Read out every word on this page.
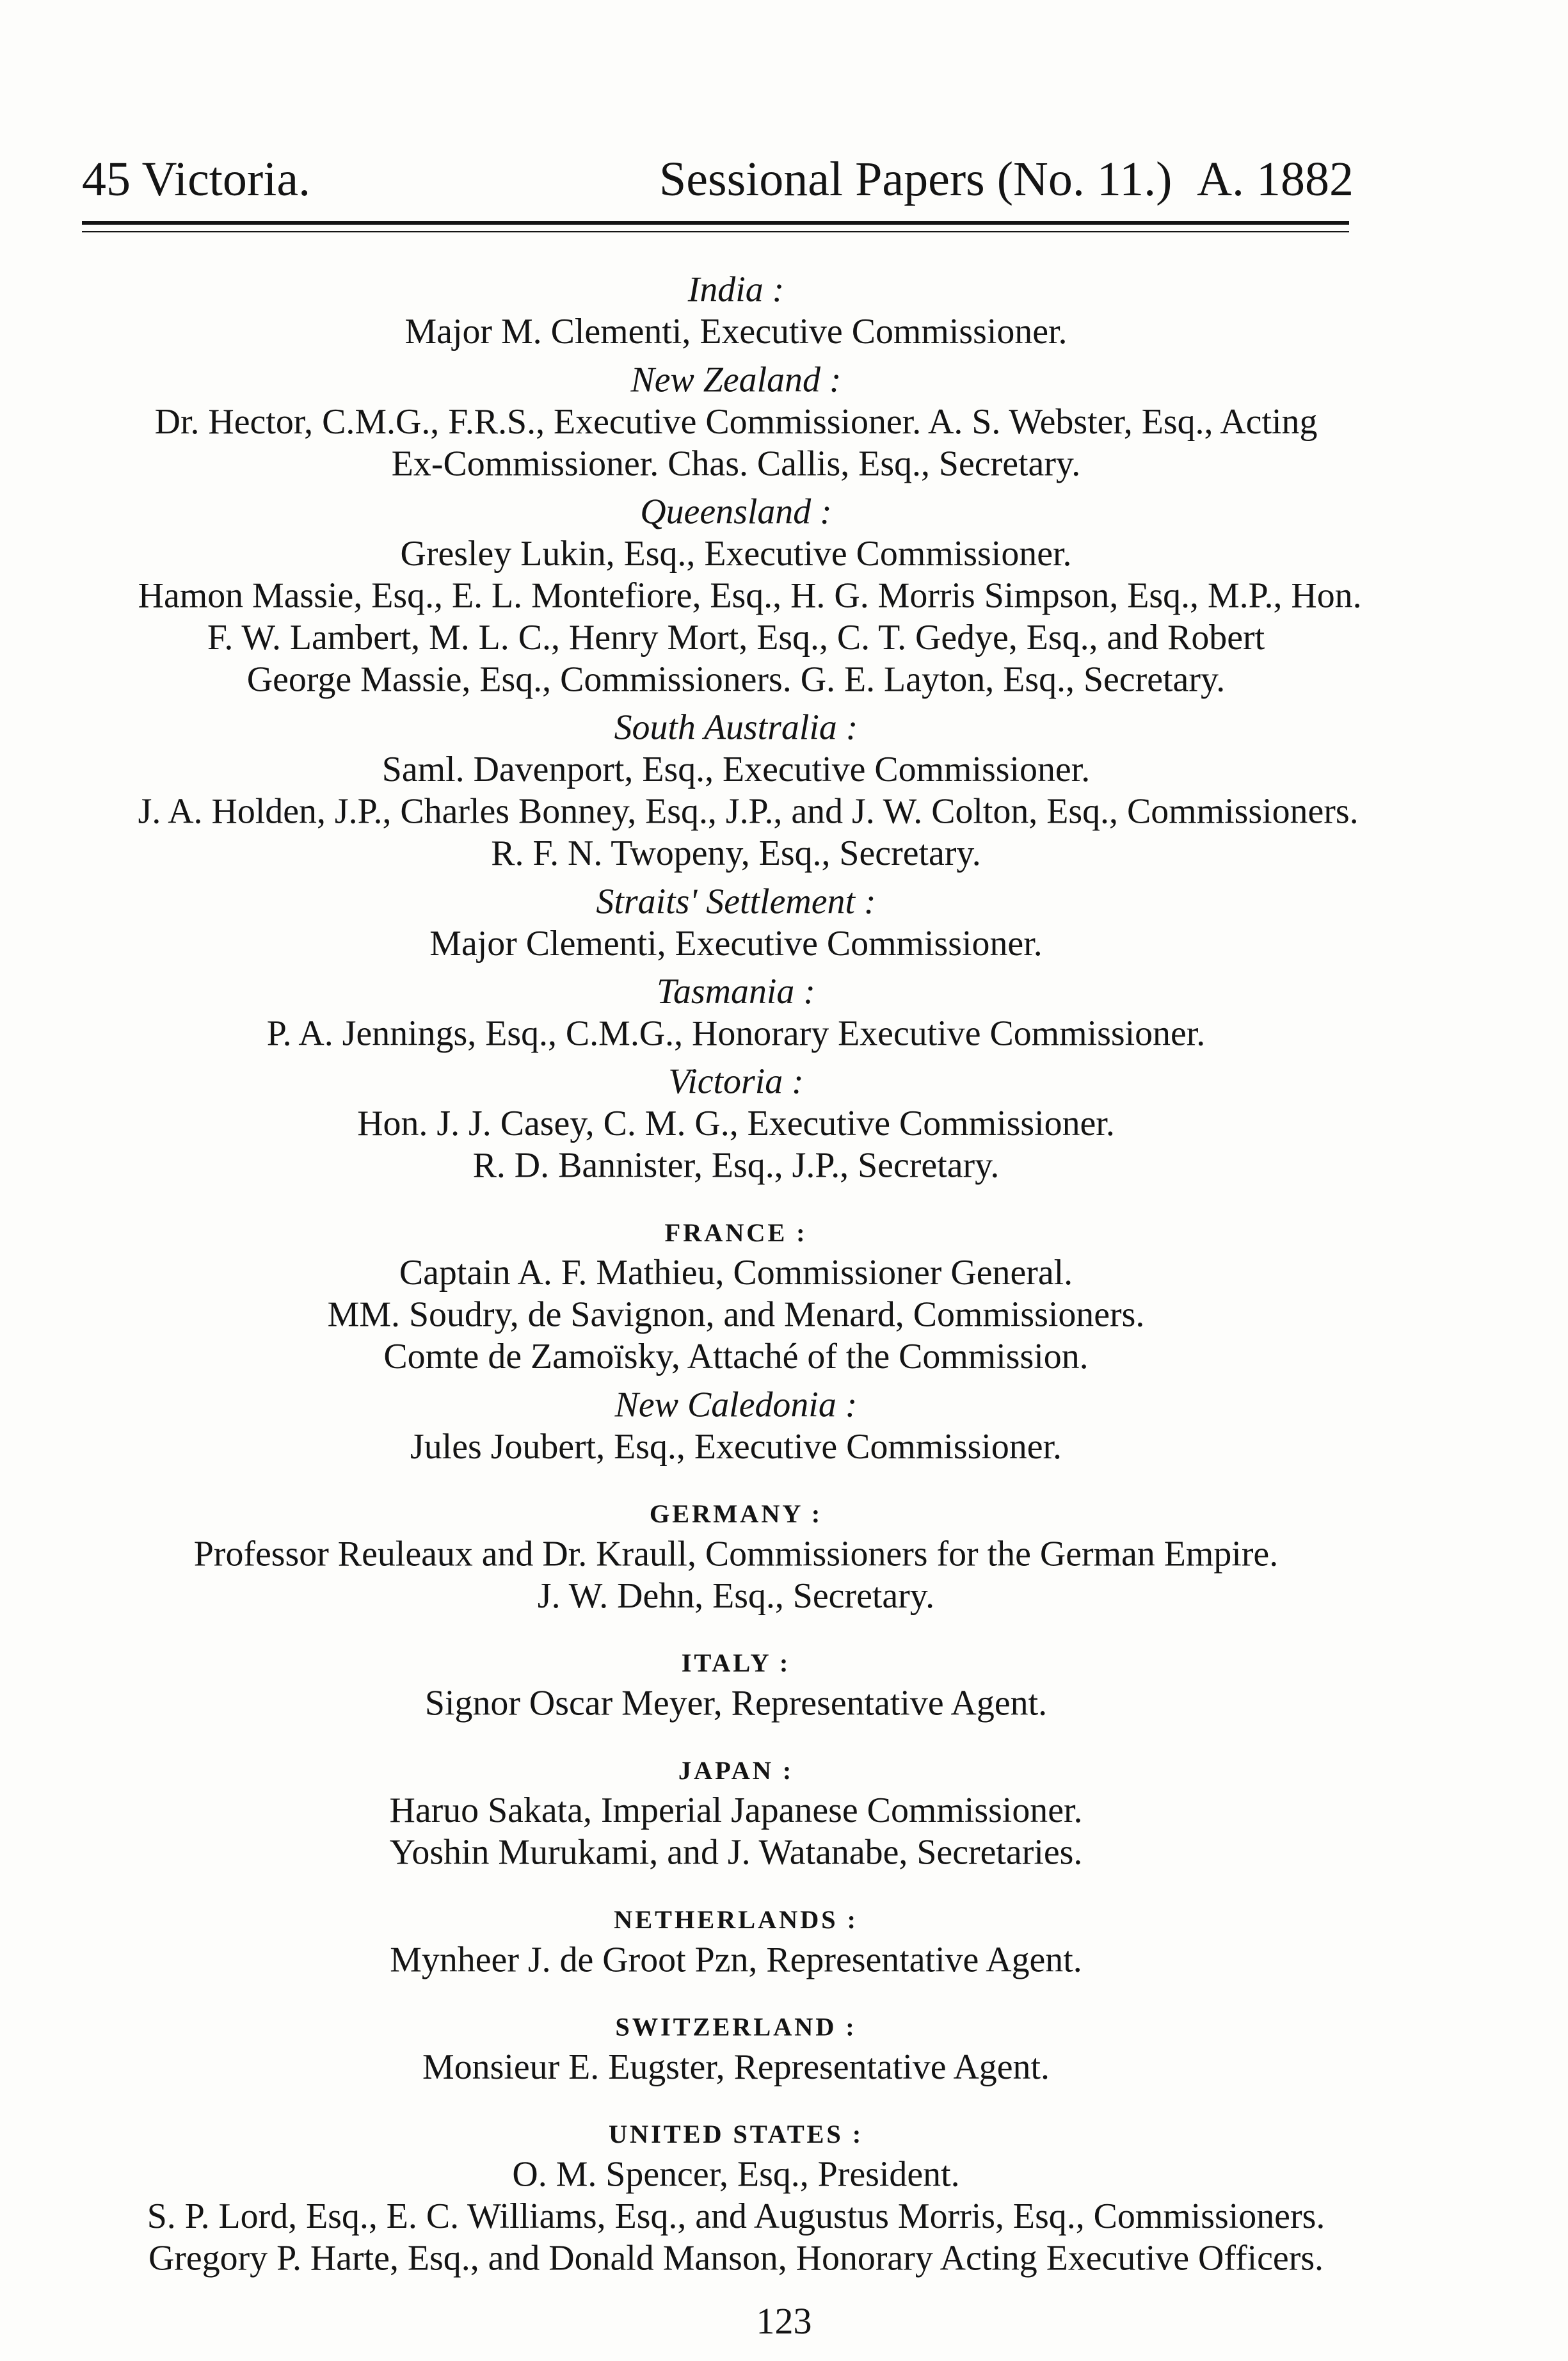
45 Victoria.	Sessional Papers (No. 11.) A. 1882
India :
Major M. Clementi, Executive Commissioner.
New Zealand :
Dr. Hector, C.M.G., F.R.S., Executive Commissioner. A. S. Webster, Esq., Acting
Ex-Commissioner. Chas. Callis, Esq., Secretary.
Queensland :
Gresley Lukin, Esq., Executive Commissioner.
Hamon Massie, Esq., E. L. Montefiore, Esq., H. G. Morris Simpson, Esq., M.P., Hon.
F. W. Lambert, M. L. C., Henry Mort, Esq., C. T. Gedye, Esq., and Robert
George Massie, Esq., Commissioners. G. E. Layton, Esq., Secretary.
South Australia :
Saml. Davenport, Esq., Executive Commissioner.
J. A. Holden, J.P., Charles Bonney, Esq., J.P., and J. W. Colton, Esq., Commissioners.
R. F. N. Twopeny, Esq., Secretary.
Straits' Settlement :
Major Clementi, Executive Commissioner.
Tasmania :
P. A. Jennings, Esq., C.M.G., Honorary Executive Commissioner.
Victoria :
Hon. J. J. Casey, C. M. G., Executive Commissioner.
R. D. Bannister, Esq., J.P., Secretary.
FRANCE :
Captain A. F. Mathieu, Commissioner General.
MM. Soudry, de Savignon, and Menard, Commissioners.
Comte de Zamoïsky, Attaché of the Commission.
New Caledonia :
Jules Joubert, Esq., Executive Commissioner.
GERMANY :
Professor Reuleaux and Dr. Kraull, Commissioners for the German Empire.
J. W. Dehn, Esq., Secretary.
ITALY :
Signor Oscar Meyer, Representative Agent.
JAPAN :
Haruo Sakata, Imperial Japanese Commissioner.
Yoshin Murukami, and J. Watanabe, Secretaries.
NETHERLANDS :
Mynheer J. de Groot Pzn, Representative Agent.
SWITZERLAND :
Monsieur E. Eugster, Representative Agent.
UNITED STATES :
O. M. Spencer, Esq., President.
S. P. Lord, Esq., E. C. Williams, Esq., and Augustus Morris, Esq., Commissioners.
Gregory P. Harte, Esq., and Donald Manson, Honorary Acting Executive Officers.
123
